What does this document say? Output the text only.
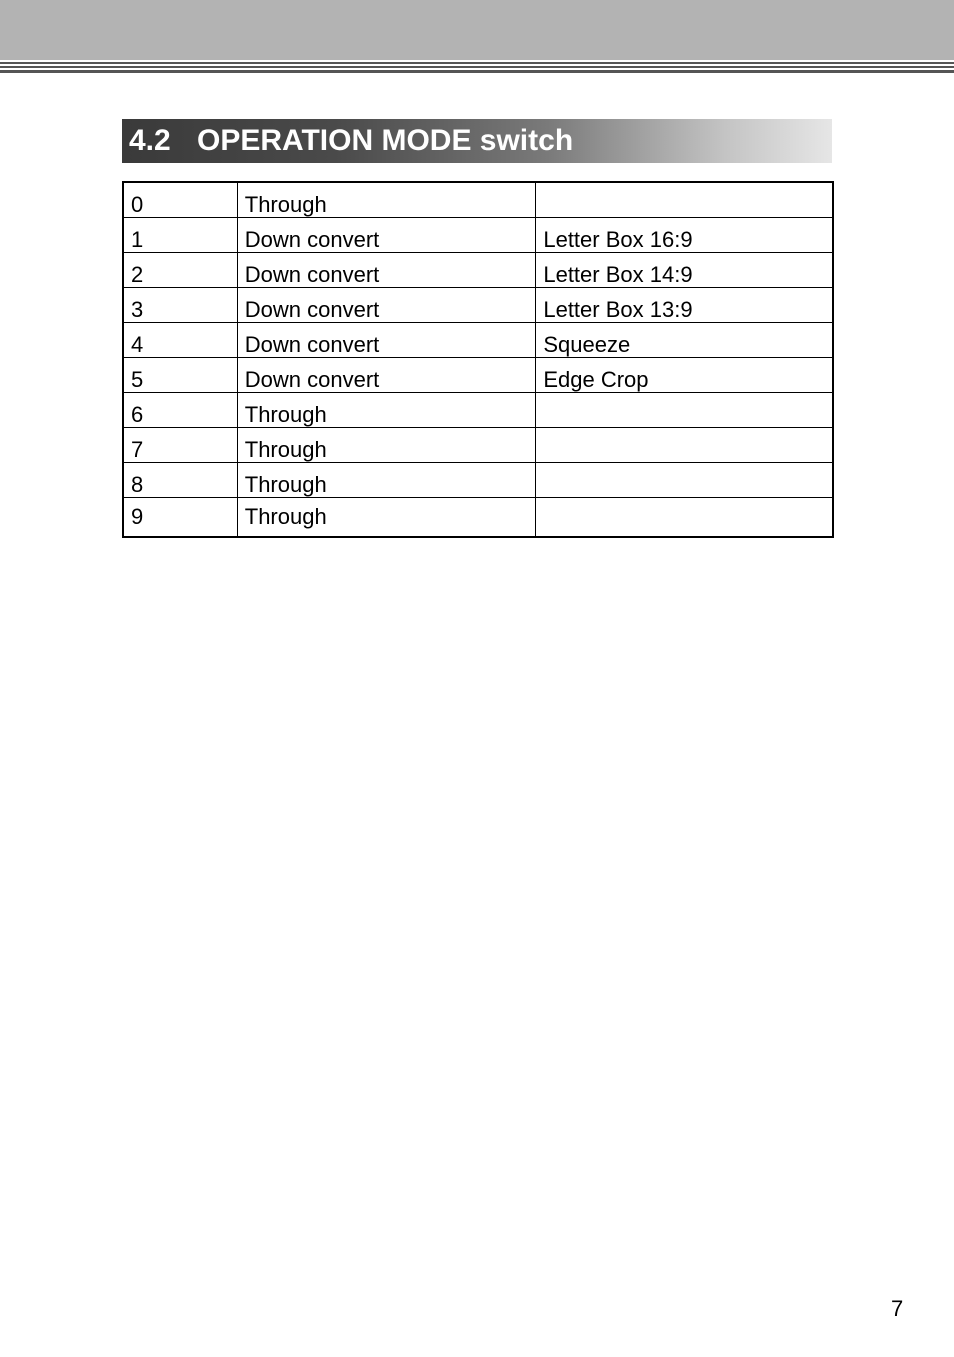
4.2 OPERATION MODE switch
0	Through	
1	Down convert	Letter Box 16:9
2	Down convert	Letter Box 14:9
3	Down convert	Letter Box 13:9
4	Down convert	Squeeze
5	Down convert	Edge Crop
6	Through	
7	Through	
8	Through	
9	Through	
7
